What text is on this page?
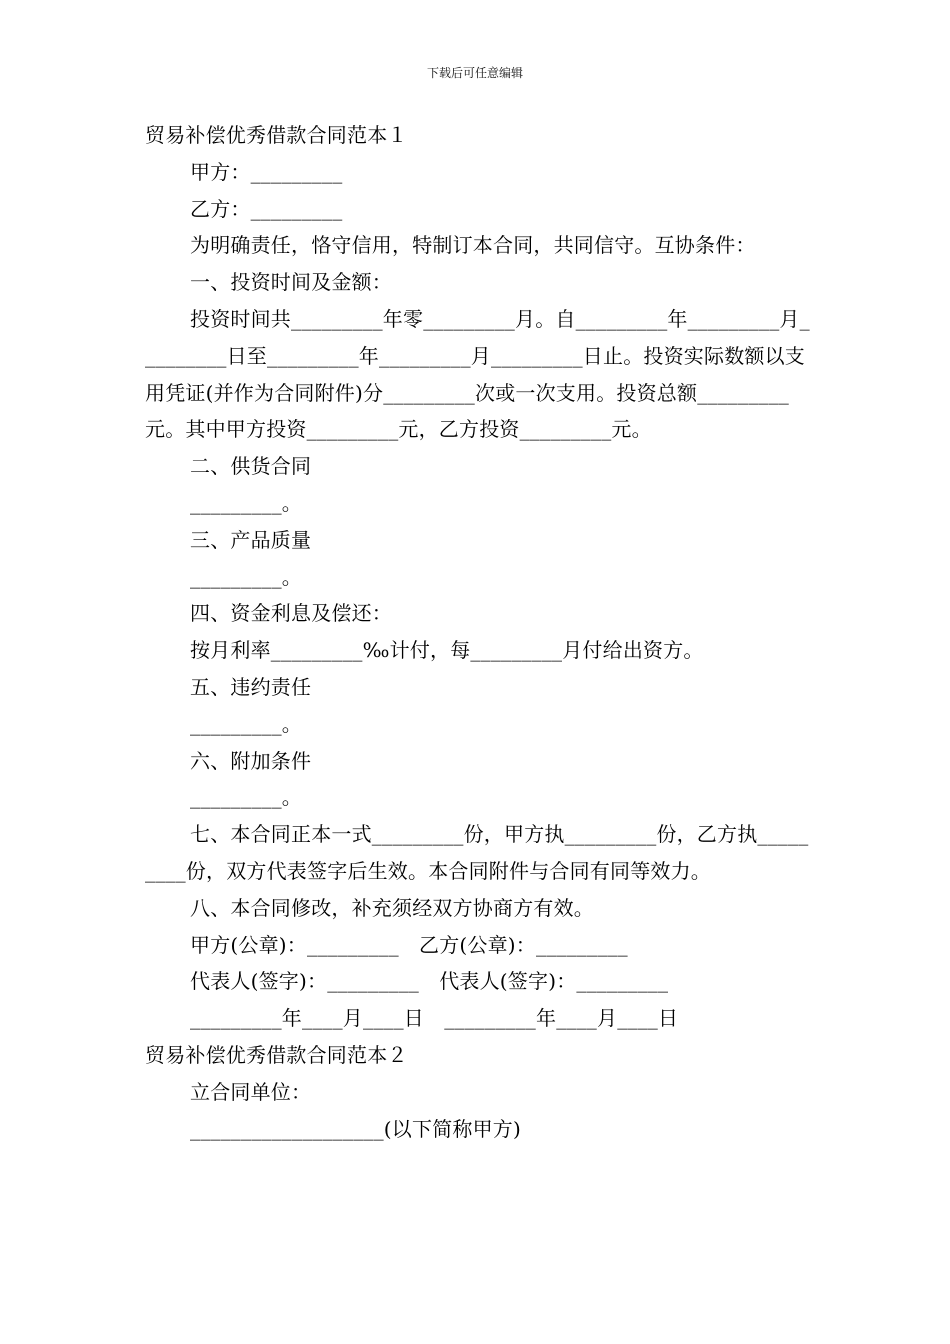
下载后可任意编辑

贸易补偿优秀借款合同范本１

甲方：_________

乙方：_________

为明确责任，恪守信用，特制订本合同，共同信守。互协条件：

一、投资时间及金额：

投资时间共_________年零_________月。自_________年_________月_________日至_________年_________月_________日止。投资实际数额以支用凭证(并作为合同附件)分_________次或一次支用。投资总额_________元。其中甲方投资_________元，乙方投资_________元。

二、供货合同

_________。

三、产品质量

_________。

四、资金利息及偿还：

按月利率_________‰计付，每_________月付给出资方。

五、违约责任

_________。

六、附加条件

_________。

七、本合同正本一式_________份，甲方执_________份，乙方执_________份，双方代表签字后生效。本合同附件与合同有同等效力。

八、本合同修改，补充须经双方协商方有效。

甲方(公章)：_________　乙方(公章)：_________

代表人(签字)：_________　代表人(签字)：_________

_________年____月____日　_________年____月____日

贸易补偿优秀借款合同范本２

立合同单位：

___________________(以下简称甲方)
